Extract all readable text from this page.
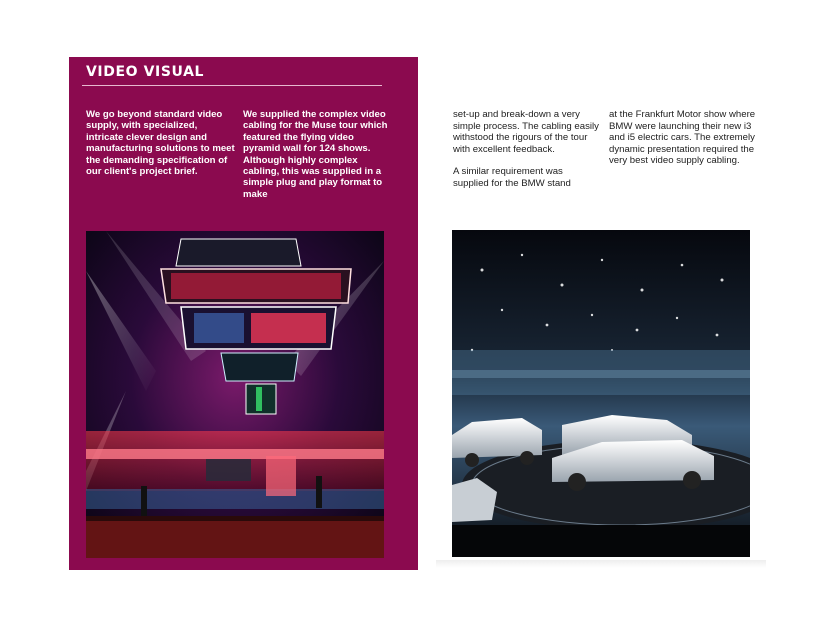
VIDEO VISUAL
We go beyond standard video supply, with specialized, intricate clever design and manufacturing solutions to meet the demanding specification of our client's project brief.
We supplied the complex video cabling for the Muse tour which featured the flying video pyramid wall for 124 shows. Although highly complex cabling, this was supplied in a simple plug and play format to make

set-up and break-down a very simple process. The cabling easily withstood the rigours of the tour with excellent feedback.

A similar requirement was supplied for the BMW stand

at the Frankfurt Motor show where BMW were launching their new i3 and i5 electric cars. The extremely dynamic presentation required the very best video supply cabling.
